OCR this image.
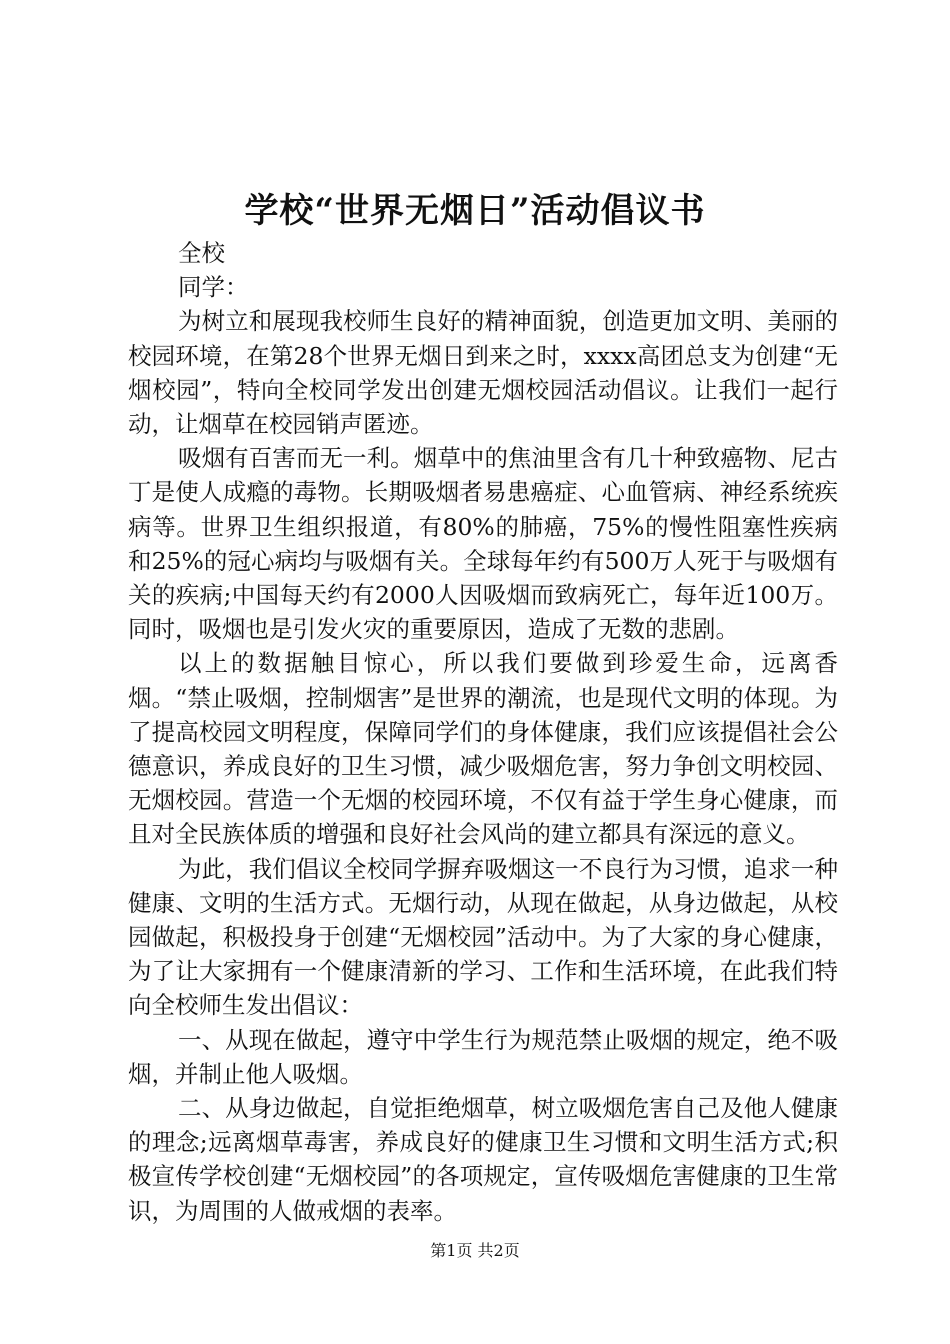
学校“世界无烟日”活动倡议书

全校

同学：

为树立和展现我校师生良好的精神面貌，创造更加文明、美丽的校园环境，在第28个世界无烟日到来之时，xxxx高团总支为创建“无烟校园”，特向全校同学发出创建无烟校园活动倡议。让我们一起行动，让烟草在校园销声匿迹。

吸烟有百害而无一利。烟草中的焦油里含有几十种致癌物、尼古丁是使人成瘾的毒物。长期吸烟者易患癌症、心血管病、神经系统疾病等。世界卫生组织报道，有80%的肺癌，75%的慢性阻塞性疾病和25%的冠心病均与吸烟有关。全球每年约有500万人死于与吸烟有关的疾病;中国每天约有2000人因吸烟而致病死亡，每年近100万。同时，吸烟也是引发火灾的重要原因，造成了无数的悲剧。

以上的数据触目惊心，所以我们要做到珍爱生命，远离香烟。“禁止吸烟，控制烟害”是世界的潮流，也是现代文明的体现。为了提高校园文明程度，保障同学们的身体健康，我们应该提倡社会公德意识，养成良好的卫生习惯，减少吸烟危害，努力争创文明校园、无烟校园。营造一个无烟的校园环境，不仅有益于学生身心健康，而且对全民族体质的增强和良好社会风尚的建立都具有深远的意义。

为此，我们倡议全校同学摒弃吸烟这一不良行为习惯，追求一种健康、文明的生活方式。无烟行动，从现在做起，从身边做起，从校园做起，积极投身于创建“无烟校园”活动中。为了大家的身心健康，为了让大家拥有一个健康清新的学习、工作和生活环境，在此我们特向全校师生发出倡议：

一、从现在做起，遵守中学生行为规范禁止吸烟的规定，绝不吸烟，并制止他人吸烟。

二、从身边做起，自觉拒绝烟草，树立吸烟危害自己及他人健康的理念;远离烟草毒害，养成良好的健康卫生习惯和文明生活方式;积极宣传学校创建“无烟校园”的各项规定，宣传吸烟危害健康的卫生常识，为周围的人做戒烟的表率。

第1页 共2页
